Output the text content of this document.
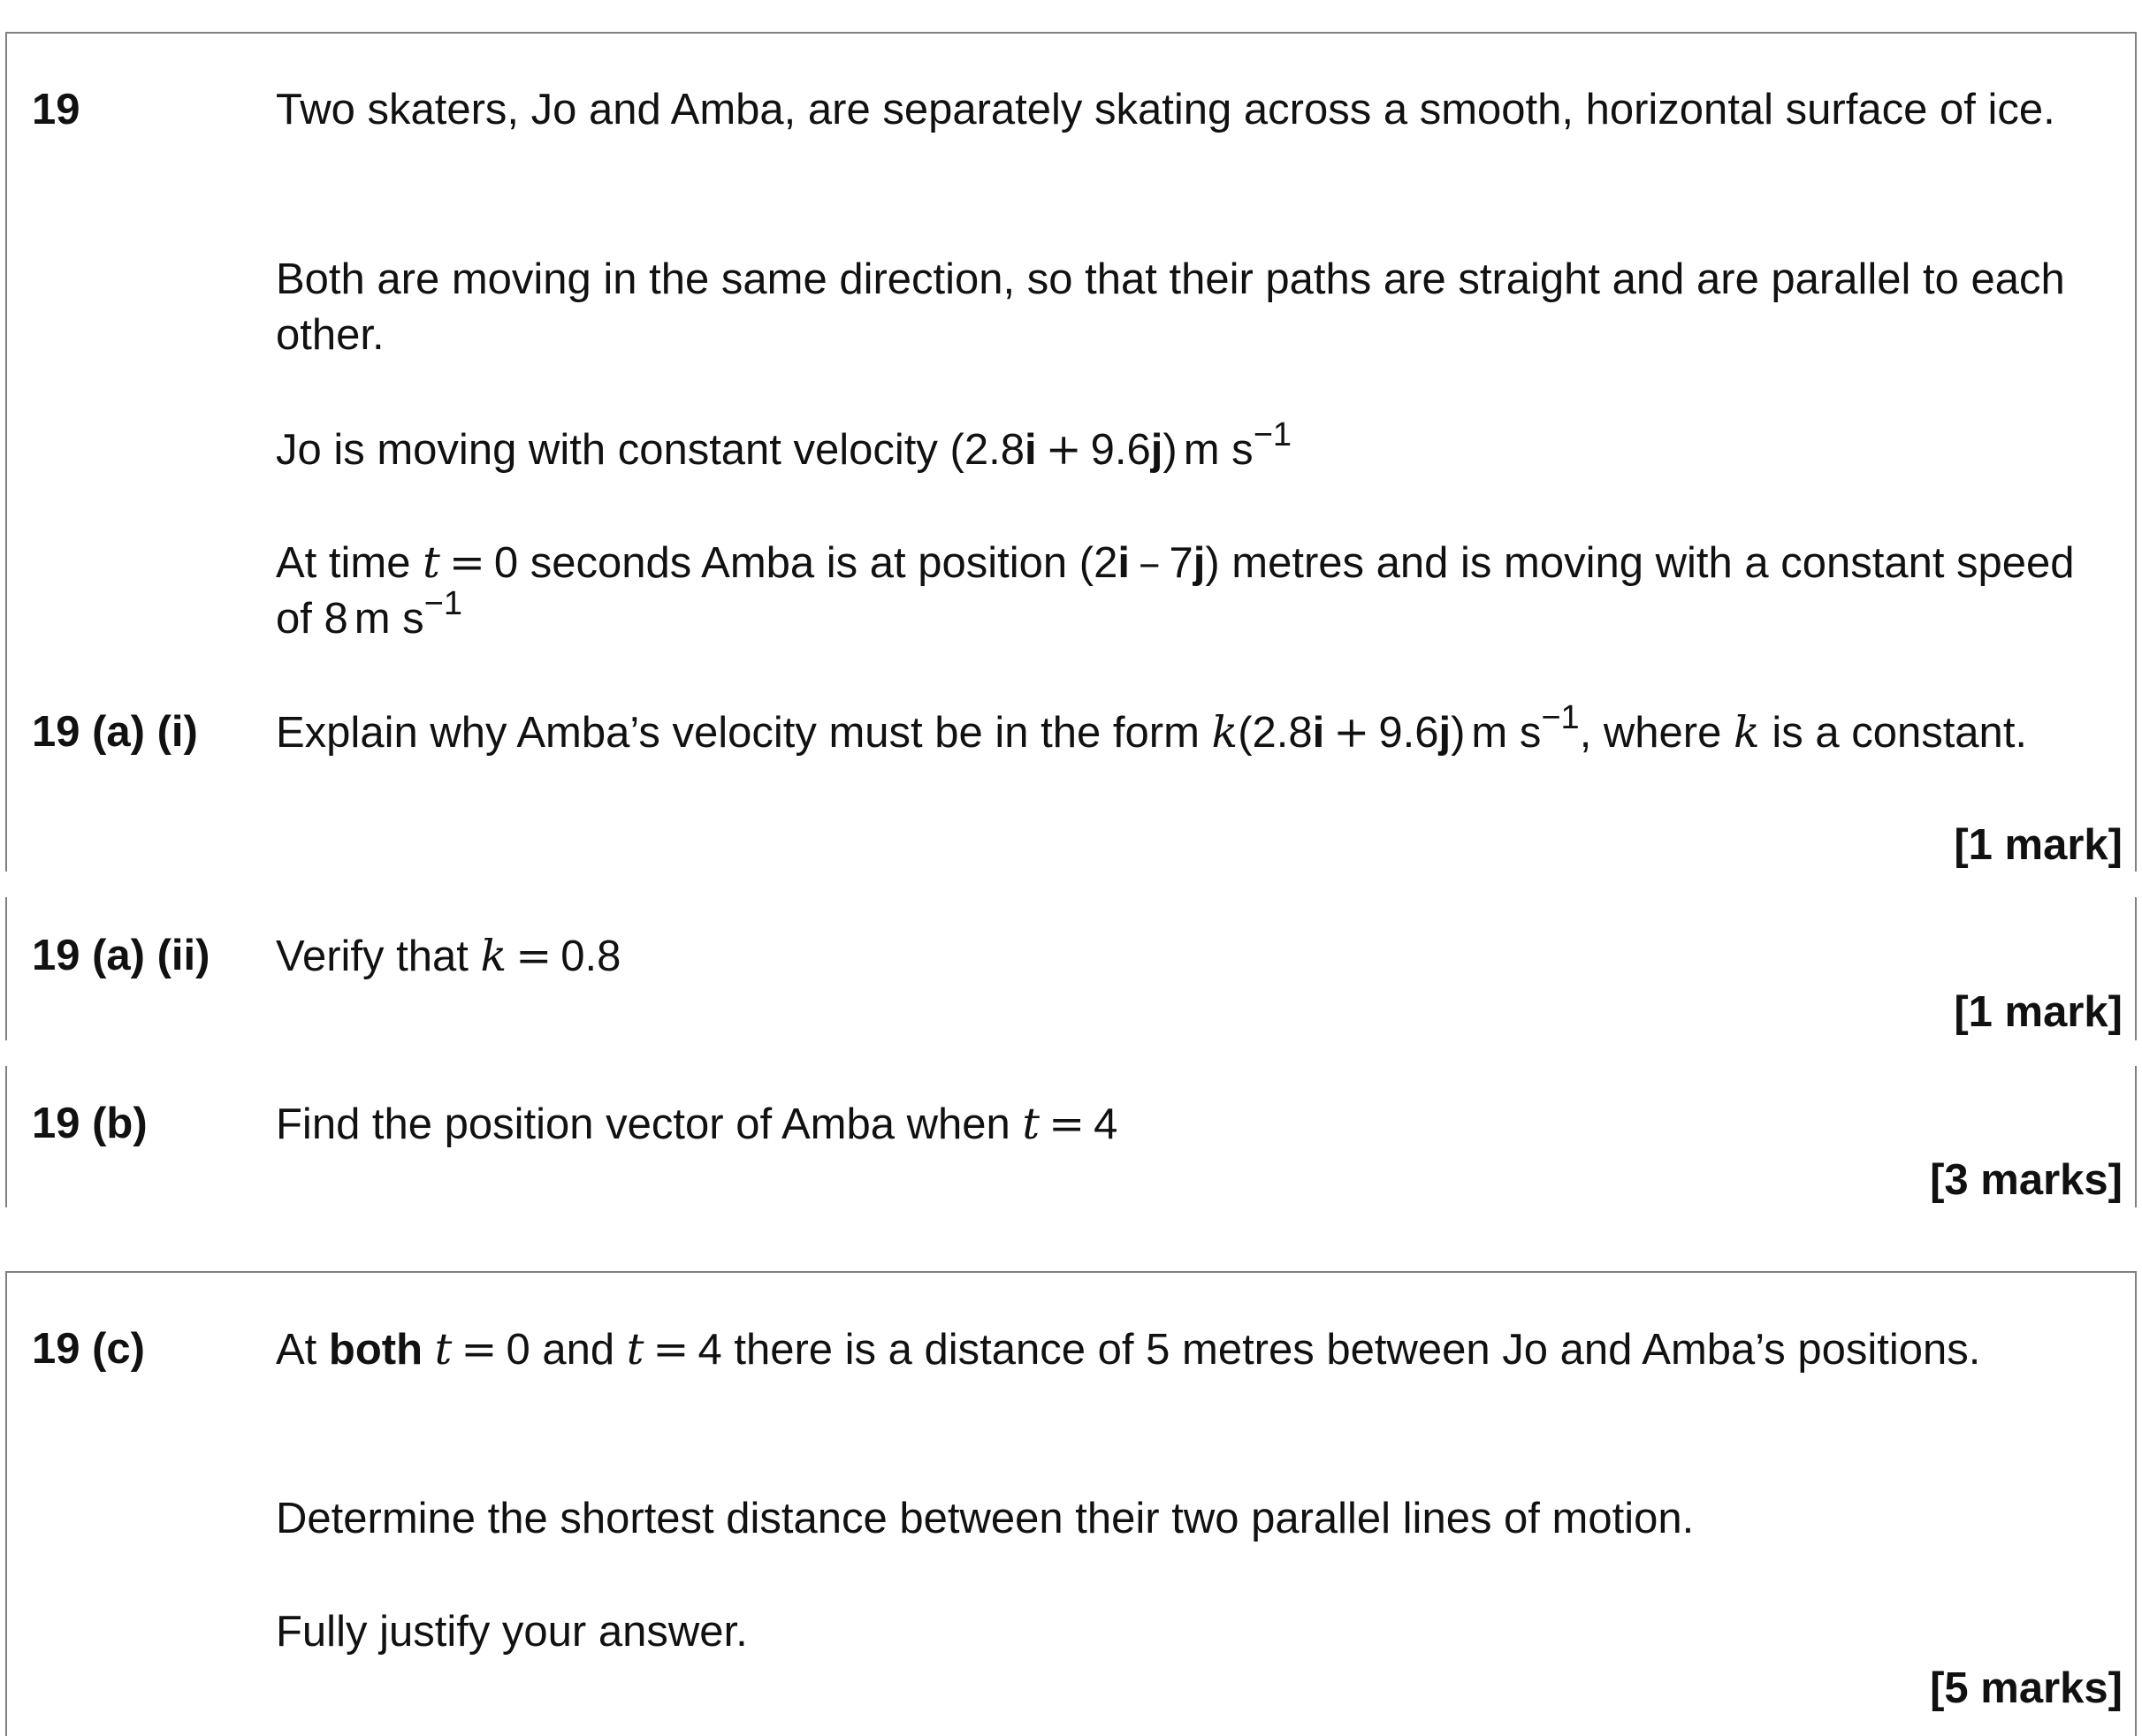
19	Two skaters, Jo and Amba, are separately skating across a smooth, horizontal surface of ice.

Both are moving in the same direction, so that their paths are straight and are parallel to each other.

Jo is moving with constant velocity (2.8i + 9.6j) m $s^{-1}$

At time t = 0 seconds Amba is at position (2i – 7j) metres and is moving with a constant speed of 8 m $s^{-1}$

19 (a) (i) Explain why Amba’s velocity must be in the form k(2.8i + 9.6j) m $s^{-1}$, where k is a constant.

[1 mark]
19 (a) (ii) Verify that k = 0.8

[1 mark]
19 (b)	Find the position vector of Amba when t = 4

[3 marks]
19 (c)	At both t = 0 and t = 4 there is a distance of 5 metres between Jo and Amba’s positions.

Determine the shortest distance between their two parallel lines of motion.

Fully justify your answer.

[5 marks]
